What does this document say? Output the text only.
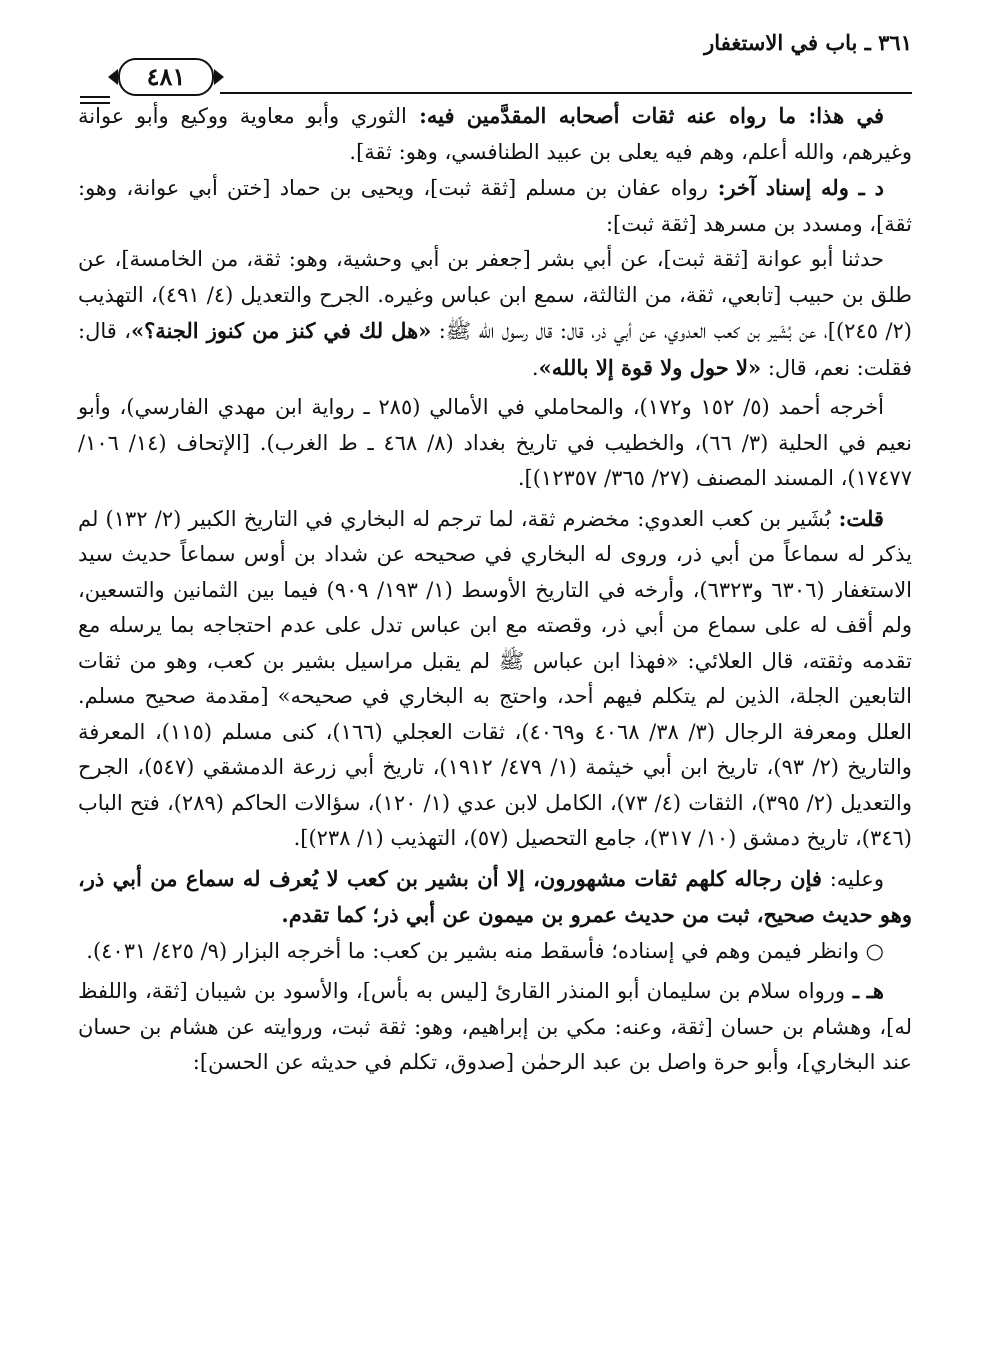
٣٦١ ـ باب في الاستغفار
٤٨١

في هذا: ما رواه عنه ثقات أصحابه المقدَّمين فيه: الثوري وأبو معاوية ووكيع وأبو عوانة وغيرهم، والله أعلم، وهم فيه يعلى بن عبيد الطنافسي، وهو: ثقة].

د ـ وله إسناد آخر: رواه عفان بن مسلم [ثقة ثبت]، ويحيى بن حماد [ختن أبي عوانة، وهو: ثقة]، ومسدد بن مسرهد [ثقة ثبت]:

حدثنا أبو عوانة [ثقة ثبت]، عن أبي بشر [جعفر بن أبي وحشية، وهو: ثقة، من الخامسة]، عن طلق بن حبيب [تابعي، ثقة، من الثالثة، سمع ابن عباس وغيره. الجرح والتعديل (٤/ ٤٩١)، التهذيب (٢/ ٢٤٥)]، عن بُشَير بن كعب العدوي، عن أبي ذر، قال: قال رسول الله ﷺ: «هل لك في كنز من كنوز الجنة؟»، قال: فقلت: نعم، قال: «لا حول ولا قوة إلا بالله».

أخرجه أحمد (٥/ ١٥٢ و١٧٢)، والمحاملي في الأمالي (٢٨٥ ـ رواية ابن مهدي الفارسي)، وأبو نعيم في الحلية (٣/ ٦٦)، والخطيب في تاريخ بغداد (٨/ ٤٦٨ ـ ط الغرب). [الإتحاف (١٤/ ١٠٦/ ١٧٤٧٧)، المسند المصنف (٢٧/ ٣٦٥/ ١٢٣٥٧)].

قلت: بُشَير بن كعب العدوي: مخضرم ثقة، لما ترجم له البخاري في التاريخ الكبير (٢/ ١٣٢) لم يذكر له سماعاً من أبي ذر، وروى له البخاري في صحيحه عن شداد بن أوس سماعاً حديث سيد الاستغفار (٦٣٠٦ و٦٣٢٣)، وأرخه في التاريخ الأوسط (١/ ١٩٣/ ٩٠٩) فيما بين الثمانين والتسعين، ولم أقف له على سماع من أبي ذر، وقصته مع ابن عباس تدل على عدم احتجاجه بما يرسله مع تقدمه وثقته، قال العلائي: «فهذا ابن عباس ﷺ لم يقبل مراسيل بشير بن كعب، وهو من ثقات التابعين الجلة، الذين لم يتكلم فيهم أحد، واحتج به البخاري في صحيحه» [مقدمة صحيح مسلم. العلل ومعرفة الرجال (٣/ ٣٨/ ٤٠٦٨ و٤٠٦٩)، ثقات العجلي (١٦٦)، كنى مسلم (١١٥)، المعرفة والتاريخ (٢/ ٩٣)، تاريخ ابن أبي خيثمة (١/ ٤٧٩/ ١٩١٢)، تاريخ أبي زرعة الدمشقي (٥٤٧)، الجرح والتعديل (٢/ ٣٩٥)، الثقات (٤/ ٧٣)، الكامل لابن عدي (١/ ١٢٠)، سؤالات الحاكم (٢٨٩)، فتح الباب (٣٤٦)، تاريخ دمشق (١٠/ ٣١٧)، جامع التحصيل (٥٧)، التهذيب (١/ ٢٣٨)].

وعليه: فإن رجاله كلهم ثقات مشهورون، إلا أن بشير بن كعب لا يُعرف له سماع من أبي ذر، وهو حديث صحيح، ثبت من حديث عمرو بن ميمون عن أبي ذر؛ كما تقدم.

○ وانظر فيمن وهم في إسناده؛ فأسقط منه بشير بن كعب: ما أخرجه البزار (٩/ ٤٢٥/ ٤٠٣١).

هـ ـ ورواه سلام بن سليمان أبو المنذر القارئ [ليس به بأس]، والأسود بن شيبان [ثقة، واللفظ له]، وهشام بن حسان [ثقة، وعنه: مكي بن إبراهيم، وهو: ثقة ثبت، وروايته عن هشام بن حسان عند البخاري]، وأبو حرة واصل بن عبد الرحمٰن [صدوق، تكلم في حديثه عن الحسن]:
